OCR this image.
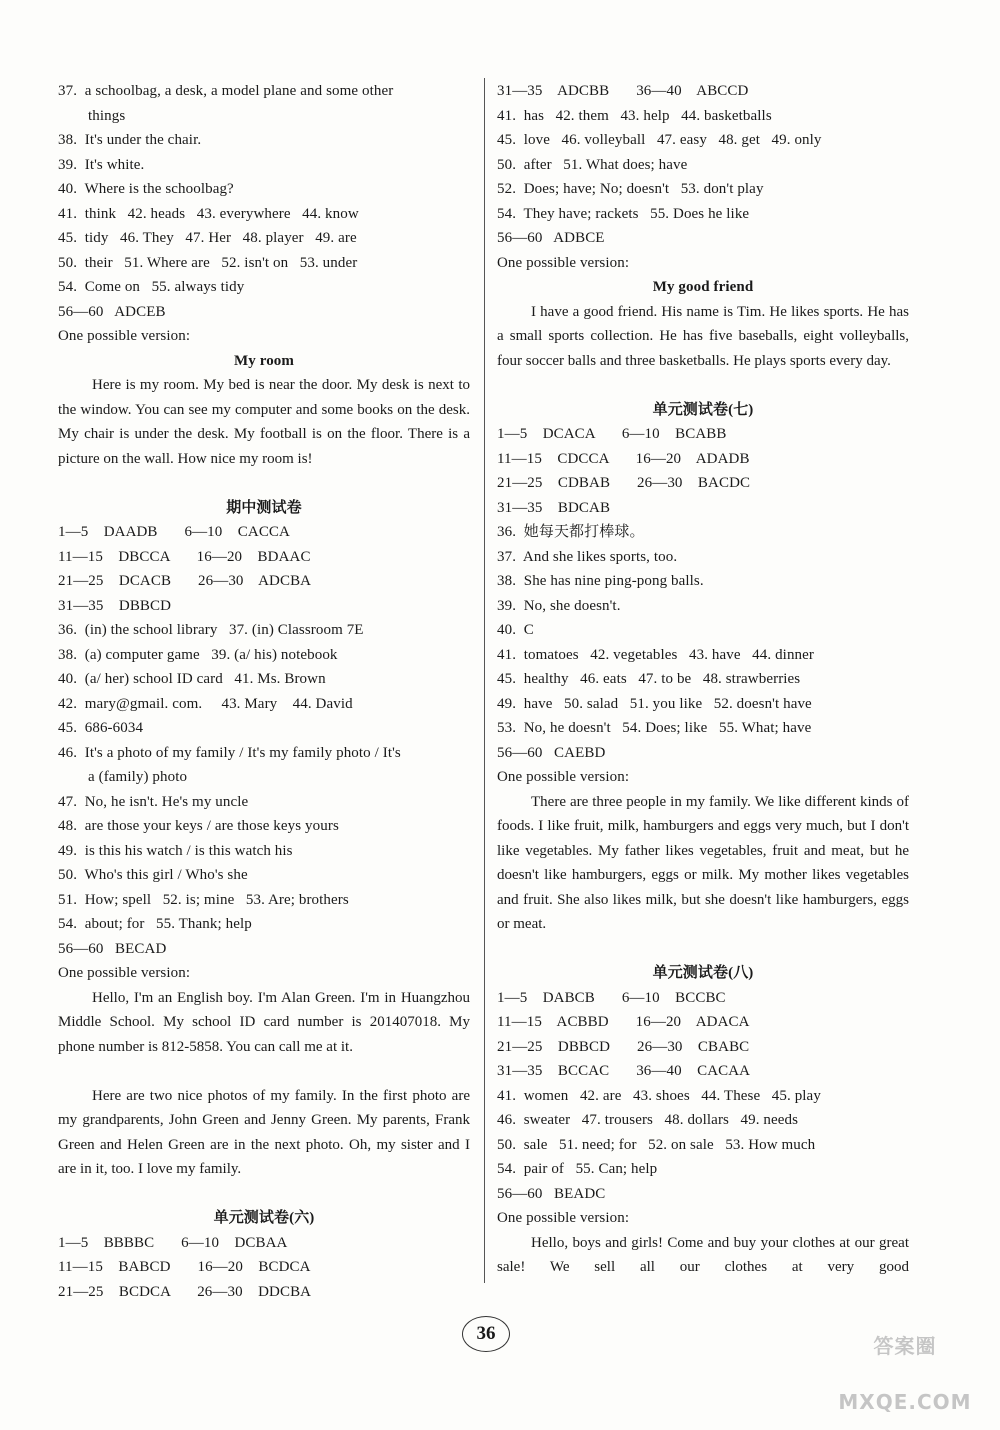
37.  a schoolbag, a desk, a model plane and some other
things
38.  It's under the chair.
39.  It's white.
40.  Where is the schoolbag?
41.  think   42. heads   43. everywhere   44. know
45.  tidy   46. They   47. Her   48. player   49. are
50.  their   51. Where are   52. isn't on   53. under
54.  Come on   55. always tidy
56—60   ADCEB
One possible version:
My room

Here is my room. My bed is near the door. My desk is next to the window. You can see my computer and some books on the desk. My chair is under the desk. My football is on the floor. There is a picture on the wall. How nice my room is!

期中测试卷
1—5    DAADB       6—10    CACCA
11—15    DBCCA       16—20    BDAAC
21—25    DCACB       26—30    ADCBA
31—35    DBBCD
36.  (in) the school library   37. (in) Classroom 7E
38.  (a) computer game   39. (a/ his) notebook
40.  (a/ her) school ID card   41. Ms. Brown
42.  mary@gmail. com.     43. Mary    44. David
45.  686-6034
46.  It's a photo of my family / It's my family photo / It's
a (family) photo
47.  No, he isn't. He's my uncle
48.  are those your keys / are those keys yours
49.  is this his watch / is this watch his
50.  Who's this girl / Who's she
51.  How; spell   52. is; mine   53. Are; brothers
54.  about; for   55. Thank; help
56—60   BECAD
One possible version:

Hello, I'm an English boy. I'm Alan Green. I'm in Huangzhou Middle School. My school ID card number is 201407018. My phone number is 812-5858. You can call me at it.

Here are two nice photos of my family. In the first photo are my grandparents, John Green and Jenny Green. My parents, Frank Green and Helen Green are in the next photo. Oh, my sister and I are in it, too. I love my family.

单元测试卷(六)
1—5    BBBBC       6—10    DCBAA
11—15    BABCD       16—20    BCDCA
21—25    BCDCA       26—30    DDCBA
31—35    ADCBB       36—40    ABCCD
41.  has   42. them   43. help   44. basketballs
45.  love   46. volleyball   47. easy   48. get   49. only
50.  after   51. What does; have
52.  Does; have; No; doesn't   53. don't play
54.  They have; rackets   55. Does he like
56—60   ADBCE
One possible version:
My good friend

I have a good friend. His name is Tim. He likes sports. He has a small sports collection. He has five baseballs, eight volleyballs, four soccer balls and three basketballs. He plays sports every day.

单元测试卷(七)
1—5    DCACA       6—10    BCABB
11—15    CDCCA       16—20    ADADB
21—25    CDBAB       26—30    BACDC
31—35    BDCAB
36.  她每天都打棒球。
37.  And she likes sports, too.
38.  She has nine ping-pong balls.
39.  No, she doesn't.
40.  C
41.  tomatoes   42. vegetables   43. have   44. dinner
45.  healthy   46. eats   47. to be   48. strawberries
49.  have   50. salad   51. you like   52. doesn't have
53.  No, he doesn't   54. Does; like   55. What; have
56—60   CAEBD
One possible version:

There are three people in my family. We like different kinds of foods. I like fruit, milk, hamburgers and eggs very much, but I don't like vegetables. My father likes vegetables, fruit and meat, but he doesn't like hamburgers, eggs or milk. My mother likes vegetables and fruit. She also likes milk, but she doesn't like hamburgers, eggs or meat.

单元测试卷(八)
1—5    DABCB       6—10    BCCBC
11—15    ACBBD       16—20    ADACA
21—25    DBBCD       26—30    CBABC
31—35    BCCAC       36—40    CACAA
41.  women   42. are   43. shoes   44. These   45. play
46.  sweater   47. trousers   48. dollars   49. needs
50.  sale   51. need; for   52. on sale   53. How much
54.  pair of   55. Can; help
56—60   BEADC
One possible version:

Hello, boys and girls! Come and buy your clothes at our great sale! We sell all our clothes at very good

36
答案圈 MXQE.COM
